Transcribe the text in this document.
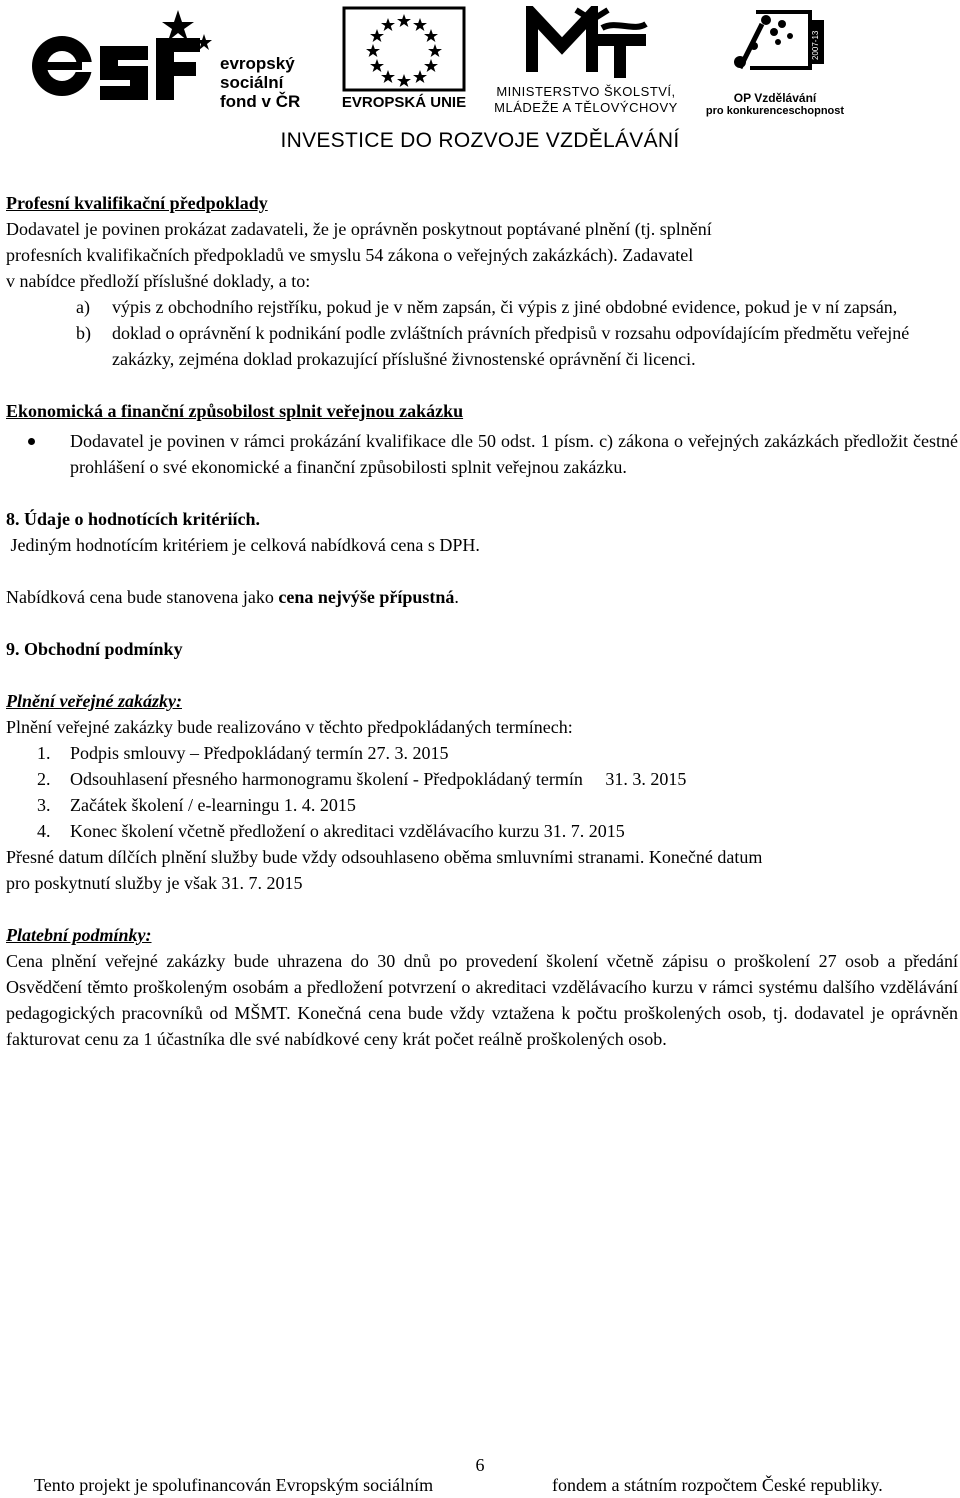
evropský
sociální
fond v ČR	EVROPSKÁ UNIE
MINISTERSTVO ŠKOLSTVÍ,
MLÁDEŽE A TĚLOVÝCHOVY
2007-13
OP Vzdělávání
pro konkurenceschopnost
INVESTICE DO ROZVOJE VZDĚLÁVÁNÍ

Profesní kvalifikační předpoklady

Dodavatel je povinen prokázat zadavateli, že je oprávněn poskytnout poptávané plnění (tj. splnění

profesních kvalifikačních předpokladů ve smyslu 54 zákona o veřejných zakázkách). Zadavatel

v nabídce předloží příslušné doklady, a to:

a) výpis z obchodního rejstříku, pokud je v něm zapsán, či výpis z jiné obdobné evidence, pokud je v ní zapsán,
b) doklad o oprávnění k podnikání podle zvláštních právních předpisů v rozsahu odpovídajícím předmětu veřejné zakázky, zejména doklad prokazující příslušné živnostenské oprávnění či licenci.

Ekonomická a finanční způsobilost splnit veřejnou zakázku

Dodavatel je povinen v rámci prokázání kvalifikace dle 50 odst. 1 písm. c) zákona o veřejných zakázkách předložit čestné prohlášení o své ekonomické a finanční způsobilosti splnit veřejnou zakázku.

8. Údaje o hodnotících kritériích.

Jediným hodnotícím kritériem je celková nabídková cena s DPH.

Nabídková cena bude stanovena jako cena nejvýše přípustná.

9. Obchodní podmínky

Plnění veřejné zakázky:

Plnění veřejné zakázky bude realizováno v těchto předpokládaných termínech:

1. Podpis smlouvy – Předpokládaný termín 27. 3. 2015
2. Odsouhlasení přesného harmonogramu školení - Předpokládaný termín     31. 3. 2015
3. Začátek školení / e-learningu 1. 4. 2015
4. Konec školení včetně předložení o akreditaci vzdělávacího kurzu 31. 7. 2015

Přesné datum dílčích plnění služby bude vždy odsouhlaseno oběma smluvními stranami. Konečné datum

pro poskytnutí služby je však 31. 7. 2015

Platební podmínky:

Cena plnění veřejné zakázky bude uhrazena do 30 dnů po provedení školení včetně zápisu o proškolení 27 osob a předání Osvědčení těmto proškoleným osobám a předložení potvrzení o akreditaci vzdělávacího kurzu v rámci systému dalšího vzdělávání pedagogických pracovníků od MŠMT. Konečná cena bude vždy vztažena k počtu proškolených osob, tj. dodavatel je oprávněn fakturovat cenu za 1 účastníka dle své nabídkové ceny krát počet reálně proškolených osob.

6
Tento projekt je spolufinancován Evropským sociálním	fondem a státním rozpočtem České republiky.
